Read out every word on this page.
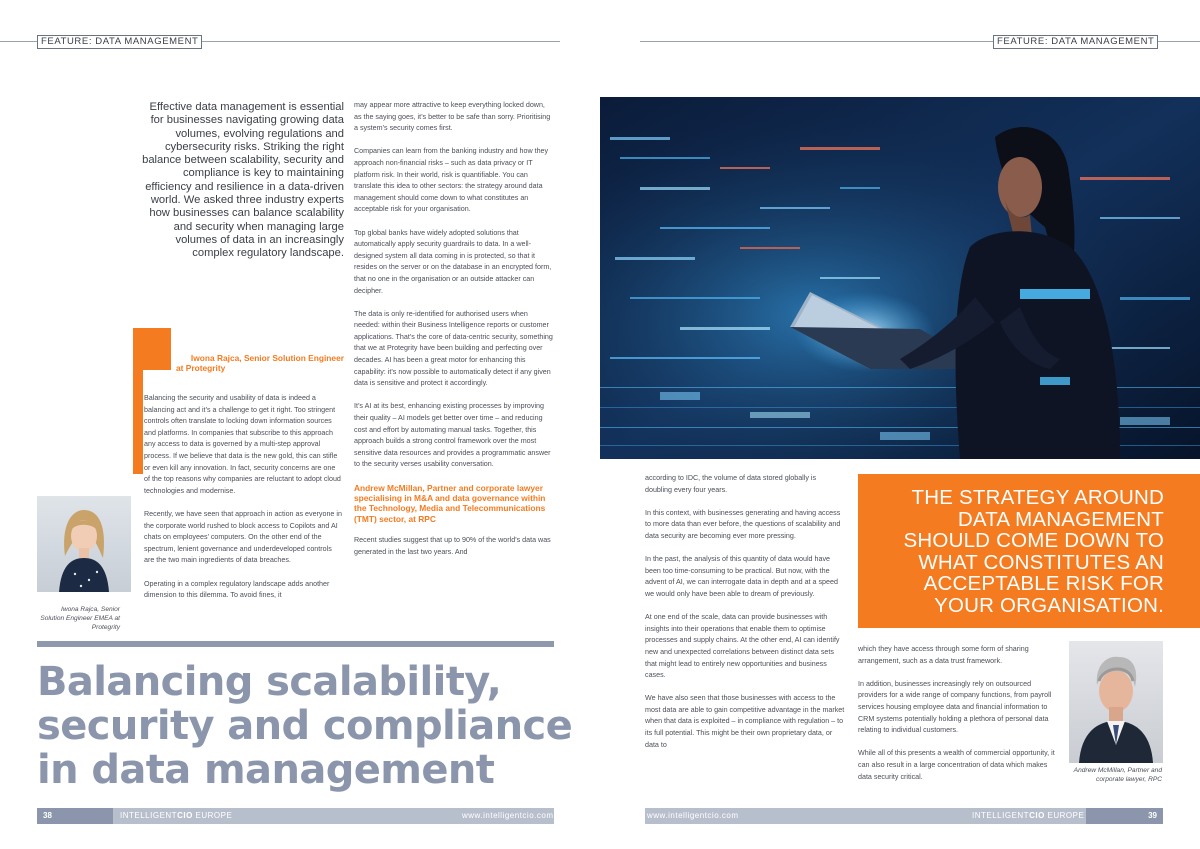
FEATURE: DATA MANAGEMENT	FEATURE: DATA MANAGEMENT
Effective data management is essential for businesses navigating growing data volumes, evolving regulations and cybersecurity risks. Striking the right balance between scalability, security and compliance is key to maintaining efficiency and resilience in a data-driven world. We asked three industry experts how businesses can balance scalability and security when managing large volumes of data in an increasingly complex regulatory landscape.
Iwona Rajca, Senior Solution Engineer
at Protegrity

Balancing the security and usability of data is indeed a balancing act and it’s a challenge to get it right. Too stringent controls often translate to locking down information sources and platforms. In companies that subscribe to this approach any access to data is governed by a multi-step approval process. If we believe that data is the new gold, this can stifle or even kill any innovation. In fact, security concerns are one of the top reasons why companies are reluctant to adopt cloud technologies and modernise.

Recently, we have seen that approach in action as everyone in the corporate world rushed to block access to Copilots and AI chats on employees’ computers. On the other end of the spectrum, lenient governance and underdeveloped controls are the two main ingredients of data breaches.

Operating in a complex regulatory landscape adds another dimension to this dilemma. To avoid fines, it

Iwona Rajca, Senior Solution Engineer EMEA at Protegrity

may appear more attractive to keep everything locked down, as the saying goes, it’s better to be safe than sorry. Prioritising a system’s security comes first.

Companies can learn from the banking industry and how they approach non-financial risks – such as data privacy or IT platform risk. In their world, risk is quantifiable. You can translate this idea to other sectors: the strategy around data management should come down to what constitutes an acceptable risk for your organisation.

Top global banks have widely adopted solutions that automatically apply security guardrails to data. In a well-designed system all data coming in is protected, so that it resides on the server or on the database in an encrypted form, that no one in the organisation or an outside attacker can decipher.

The data is only re-identified for authorised users when needed: within their Business Intelligence reports or customer applications. That’s the core of data-centric security, something that we at Protegrity have been building and perfecting over decades. AI has been a great motor for enhancing this capability: it’s now possible to automatically detect if any given data is sensitive and protect it accordingly.

It’s AI at its best, enhancing existing processes by improving their quality – AI models get better over time – and reducing cost and effort by automating manual tasks. Together, this approach builds a strong control framework over the most sensitive data resources and provides a programmatic answer to the security verses usability conversation.

Andrew McMillan, Partner and corporate lawyer specialising in M&A and data governance within the Technology, Media and Telecommunications (TMT) sector, at RPC

Recent studies suggest that up to 90% of the world’s data was generated in the last two years. And

Balancing scalability, security and compliance in data management

according to IDC, the volume of data stored globally is doubling every four years.

In this context, with businesses generating and having access to more data than ever before, the questions of scalability and data security are becoming ever more pressing.

In the past, the analysis of this quantity of data would have been too time-consuming to be practical. But now, with the advent of AI, we can interrogate data in depth and at a speed we would only have been able to dream of previously.

At one end of the scale, data can provide businesses with insights into their operations that enable them to optimise processes and supply chains. At the other end, AI can identify new and unexpected correlations between distinct data sets that might lead to entirely new opportunities and business cases.

We have also seen that those businesses with access to the most data are able to gain competitive advantage in the market when that data is exploited – in compliance with regulation – to its full potential. This might be their own proprietary data, or data to

THE STRATEGY AROUND DATA MANAGEMENT SHOULD COME DOWN TO WHAT CONSTITUTES AN ACCEPTABLE RISK FOR YOUR ORGANISATION.

which they have access through some form of sharing arrangement, such as a data trust framework.

In addition, businesses increasingly rely on outsourced providers for a wide range of company functions, from payroll services housing employee data and financial information to CRM systems potentially holding a plethora of personal data relating to individual customers.

While all of this presents a wealth of commercial opportunity, it can also result in a large concentration of data which makes data security critical.

Andrew McMillan, Partner and corporate lawyer, RPC
38	INTELLIGENTCIO EUROPE	www.intelligentcio.com	www.intelligentcio.com	INTELLIGENTCIO EUROPE	39
